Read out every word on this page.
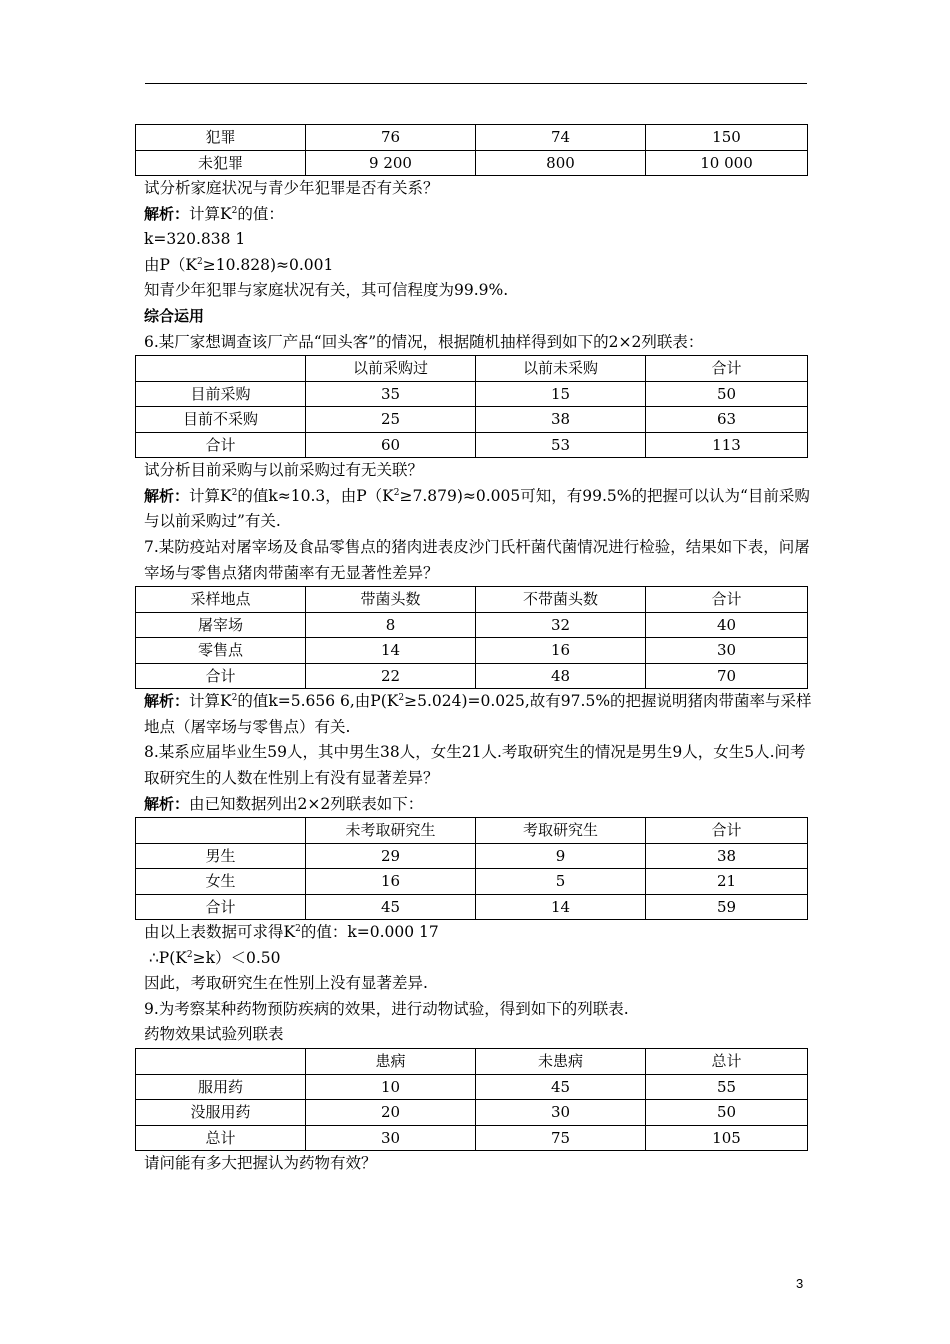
犯罪	76	74	150
未犯罪	9 200	800	10 000

试分析家庭状况与青少年犯罪是否有关系？

解析：计算$K^2$的值：

k=320.838 1

由$P(K^2\ge 10.828)\approx 0.001$

知青少年犯罪与家庭状况有关，其可信程度为99.9%.

综合运用

6.某厂家想调查该厂产品“回头客”的情况，根据随机抽样得到如下的2×2列联表：

	以前采购过	以前未采购	合计
目前采购	35	15	50
目前不采购	25	38	63
合计	60	53	113

试分析目前采购与以前采购过有无关联？

解析：计算$K^2$的值k≈10.3，由$P(K^2\ge 7.879)\approx 0.005$可知，有99.5%的把握可以认为“目前采购与以前采购过”有关.

7.某防疫站对屠宰场及食品零售点的猪肉进表皮沙门氏杆菌代菌情况进行检验，结果如下表，问屠宰场与零售点猪肉带菌率有无显著性差异？

采样地点	带菌头数	不带菌头数	合计
屠宰场	8	32	40
零售点	14	16	30
合计	22	48	70

解析：计算$K^2$的值k=5.656 6,由$P(K^2\ge 5.024)=0.025$,故有97.5%的把握说明猪肉带菌率与采样地点（屠宰场与零售点）有关.

8.某系应届毕业生59人，其中男生38人，女生21人.考取研究生的情况是男生9人，女生5人.问考取研究生的人数在性别上有没有显著差异？

解析：由已知数据列出2×2列联表如下：

	未考取研究生	考取研究生	合计
男生	29	9	38
女生	16	5	21
合计	45	14	59

由以上表数据可求得$K^2$的值：k=0.000 17

$\therefore P(K^2\ge k)<0.50$

因此，考取研究生在性别上没有显著差异.

9.为考察某种药物预防疾病的效果，进行动物试验，得到如下的列联表.

药物效果试验列联表

	患病	未患病	总计
服用药	10	45	55
没服用药	20	30	50
总计	30	75	105

请问能有多大把握认为药物有效？

3
